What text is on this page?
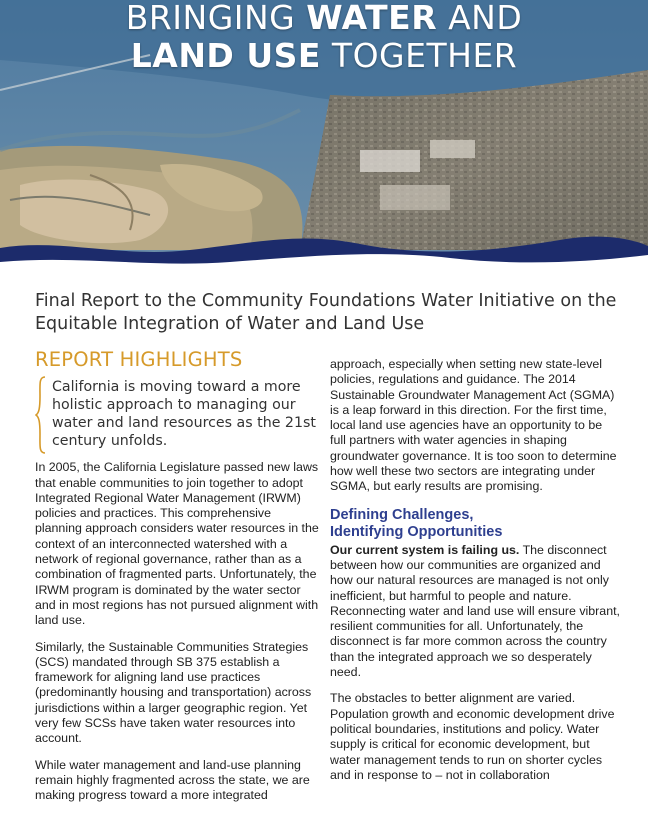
BRINGING WATER AND
LAND USE TOGETHER
Final Report to the Community Foundations Water Initiative on the Equitable Integration of Water and Land Use
REPORT HIGHLIGHTS

California is moving toward a more holistic approach to managing our water and land resources as the 21st century unfolds.

In 2005, the California Legislature passed new laws that enable communities to join together to adopt Integrated Regional Water Management (IRWM) policies and practices. This comprehensive planning approach considers water resources in the context of an interconnected watershed with a network of regional governance, rather than as a combination of fragmented parts. Unfortunately, the IRWM program is dominated by the water sector and in most regions has not pursued alignment with land use.

Similarly, the Sustainable Communities Strategies (SCS) mandated through SB 375 establish a framework for aligning land use practices (predominantly housing and transportation) across jurisdictions within a larger geographic region. Yet very few SCSs have taken water resources into account.

While water management and land-use planning remain highly fragmented across the state, we are making progress toward a more integrated

approach, especially when setting new state-level policies, regulations and guidance. The 2014 Sustainable Groundwater Management Act (SGMA) is a leap forward in this direction. For the first time, local land use agencies have an opportunity to be full partners with water agencies in shaping groundwater governance. It is too soon to determine how well these two sectors are integrating under SGMA, but early results are promising.

Defining Challenges,
Identifying Opportunities

Our current system is failing us. The disconnect between how our communities are organized and how our natural resources are managed is not only inefficient, but harmful to people and nature. Reconnecting water and land use will ensure vibrant, resilient communities for all. Unfortunately, the disconnect is far more common across the country than the integrated approach we so desperately need.

The obstacles to better alignment are varied. Population growth and economic development drive political boundaries, institutions and policy. Water supply is critical for economic development, but water management tends to run on shorter cycles and in response to – not in collaboration
